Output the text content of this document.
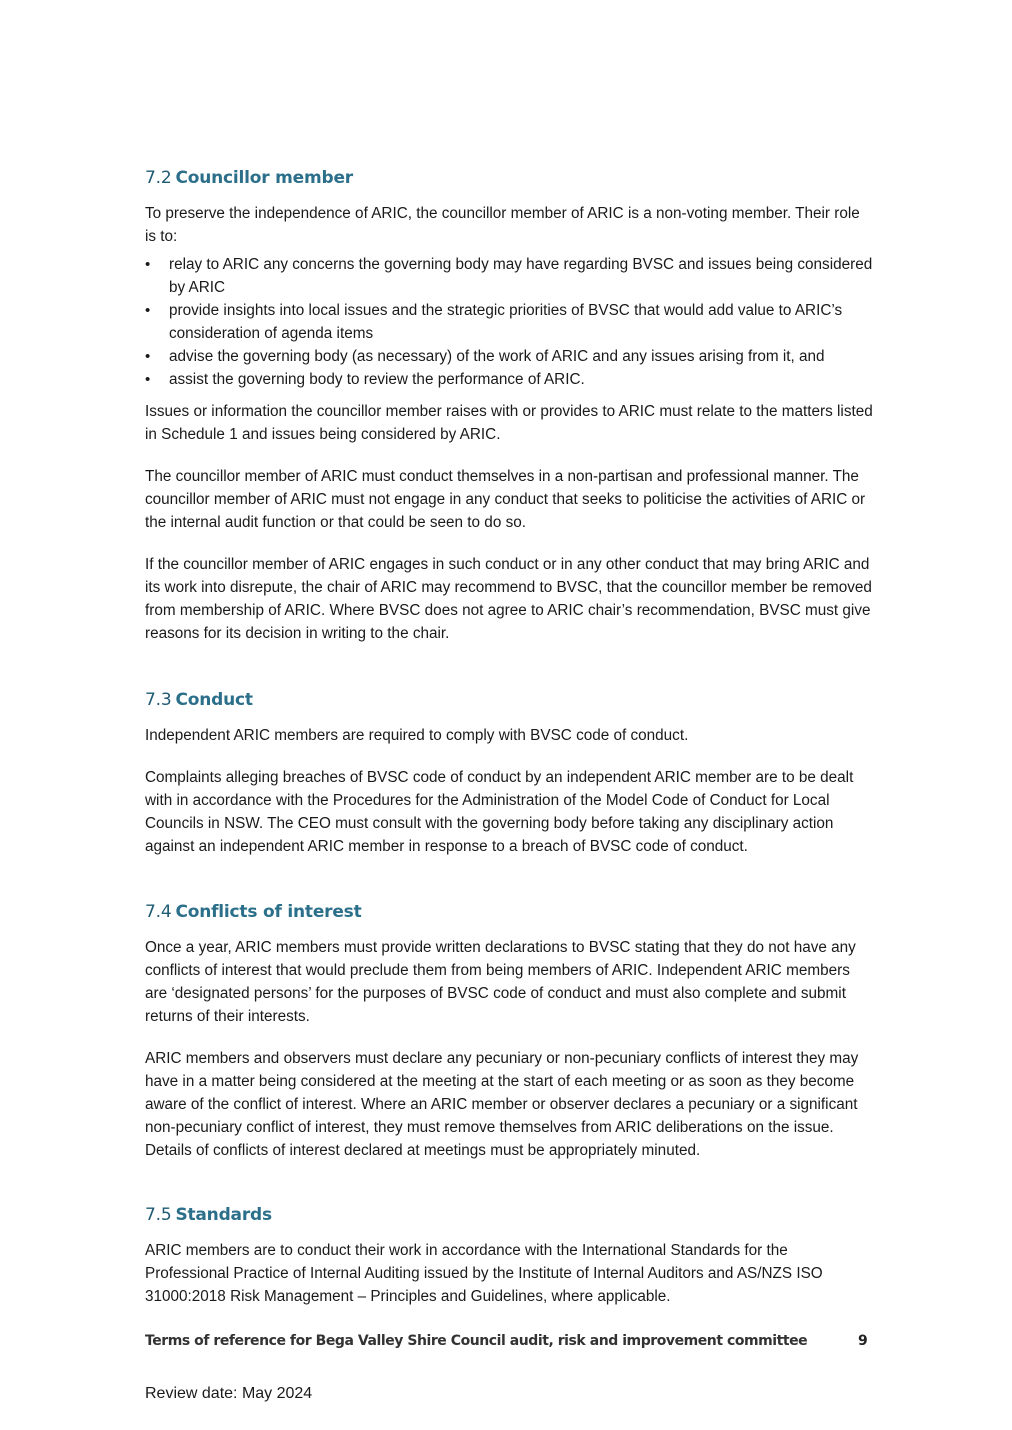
7.2 Councillor member

To preserve the independence of ARIC, the councillor member of ARIC is a non-voting member. Their role is to:

• relay to ARIC any concerns the governing body may have regarding BVSC and issues being considered by ARIC
• provide insights into local issues and the strategic priorities of BVSC that would add value to ARIC’s consideration of agenda items
• advise the governing body (as necessary) of the work of ARIC and any issues arising from it, and
• assist the governing body to review the performance of ARIC.

Issues or information the councillor member raises with or provides to ARIC must relate to the matters listed in Schedule 1 and issues being considered by ARIC.

The councillor member of ARIC must conduct themselves in a non-partisan and professional manner. The councillor member of ARIC must not engage in any conduct that seeks to politicise the activities of ARIC or the internal audit function or that could be seen to do so.

If the councillor member of ARIC engages in such conduct or in any other conduct that may bring ARIC and its work into disrepute, the chair of ARIC may recommend to BVSC, that the councillor member be removed from membership of ARIC. Where BVSC does not agree to ARIC chair’s recommendation, BVSC must give reasons for its decision in writing to the chair.

7.3 Conduct

Independent ARIC members are required to comply with BVSC code of conduct.

Complaints alleging breaches of BVSC code of conduct by an independent ARIC member are to be dealt with in accordance with the Procedures for the Administration of the Model Code of Conduct for Local Councils in NSW. The CEO must consult with the governing body before taking any disciplinary action against an independent ARIC member in response to a breach of BVSC code of conduct.

7.4 Conflicts of interest

Once a year, ARIC members must provide written declarations to BVSC stating that they do not have any conflicts of interest that would preclude them from being members of ARIC. Independent ARIC members are ‘designated persons’ for the purposes of BVSC code of conduct and must also complete and submit returns of their interests.

ARIC members and observers must declare any pecuniary or non-pecuniary conflicts of interest they may have in a matter being considered at the meeting at the start of each meeting or as soon as they become aware of the conflict of interest. Where an ARIC member or observer declares a pecuniary or a significant non-pecuniary conflict of interest, they must remove themselves from ARIC deliberations on the issue. Details of conflicts of interest declared at meetings must be appropriately minuted.

7.5 Standards

ARIC members are to conduct their work in accordance with the International Standards for the Professional Practice of Internal Auditing issued by the Institute of Internal Auditors and AS/NZS ISO 31000:2018 Risk Management – Principles and Guidelines, where applicable.

Terms of reference for Bega Valley Shire Council audit, risk and improvement committee	9
Review date: May 2024
